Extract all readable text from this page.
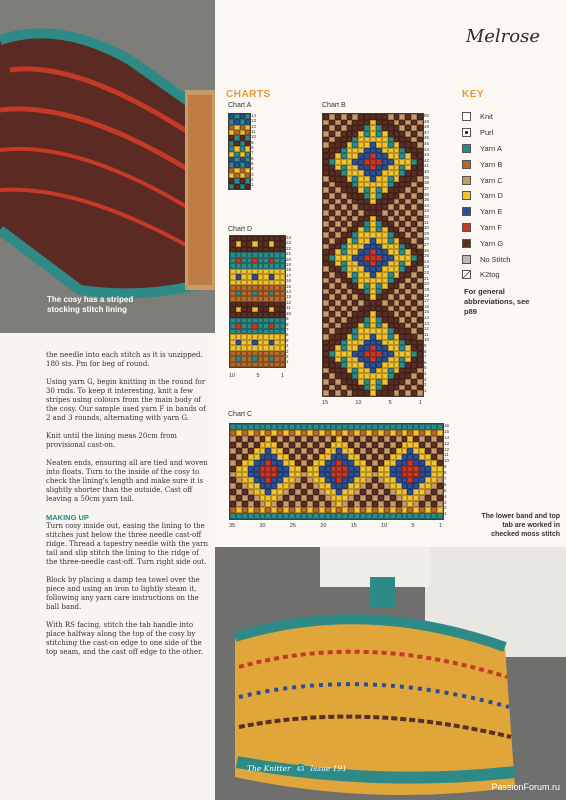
The cosy has a striped stocking stitch lining
Melrose
CHARTS	KEY
Chart A	Chart B
Chart D
Chart C
14
13
12
11
10
9
8
7
6
5
4
3
2
1
50
49
48
47
46
45
44
43
42
41
40
39
38
37
36
35
34
33
32
31
30
29
28
27
26
25
24
23
22
21
20
19
18
17
16
15
14
13
12
11
10
9
8
7
6
5
4
3
2
1
15	10	5	1
24
23
22
21
20
19
18
17
16
15
14
13
12
11
10
9
8
7
6
5
4
3
2
1
10	5	1
16
15
14
13
12
11
10
9
8
7
6
5
4
3
2
1
35	30	25	20	15	10	5	1
Knit
Purl
Yarn A
Yarn B
Yarn C
Yarn D
Yarn E
Yarn F
Yarn G
No Stitch
K2tog
For general abbreviations, see p89
The lower band and top tab are worked in checked moss stitch

the needle into each stitch as it is unzipped. 180 sts. Pm for beg of round.

Using yarn G, begin knitting in the round for 30 rnds. To keep it interesting, knit a few stripes using colours from the main body of the cosy. Our sample used yarn F in bands of 2 and 3 rounds, alternating with yarn G.

Knit until the lining meas 20cm from provisional cast-on.

Neaten ends, ensuring all are tied and woven into floats. Turn to the inside of the cosy to check the lining's length and make sure it is slightly shorter than the outside. Cast off leaving a 50cm yarn tail.

MAKING UP

Turn cosy inside out, easing the lining to the stitches just below the three needle cast-off ridge. Thread a tapestry needle with the yarn tail and slip stitch the lining to the ridge of the three-needle cast-off. Turn right side out.

Block by placing a damp tea towel over the piece and using an iron to lightly steam it, following any yarn care instructions on the ball band.

With RS facing, stitch the tab handle into place halfway along the top of the cosy by stitching the cast-on edge to one side of the top seam, and the cast off edge to the other.

The Knitter 43 Issue 191
PassionForum.ru
